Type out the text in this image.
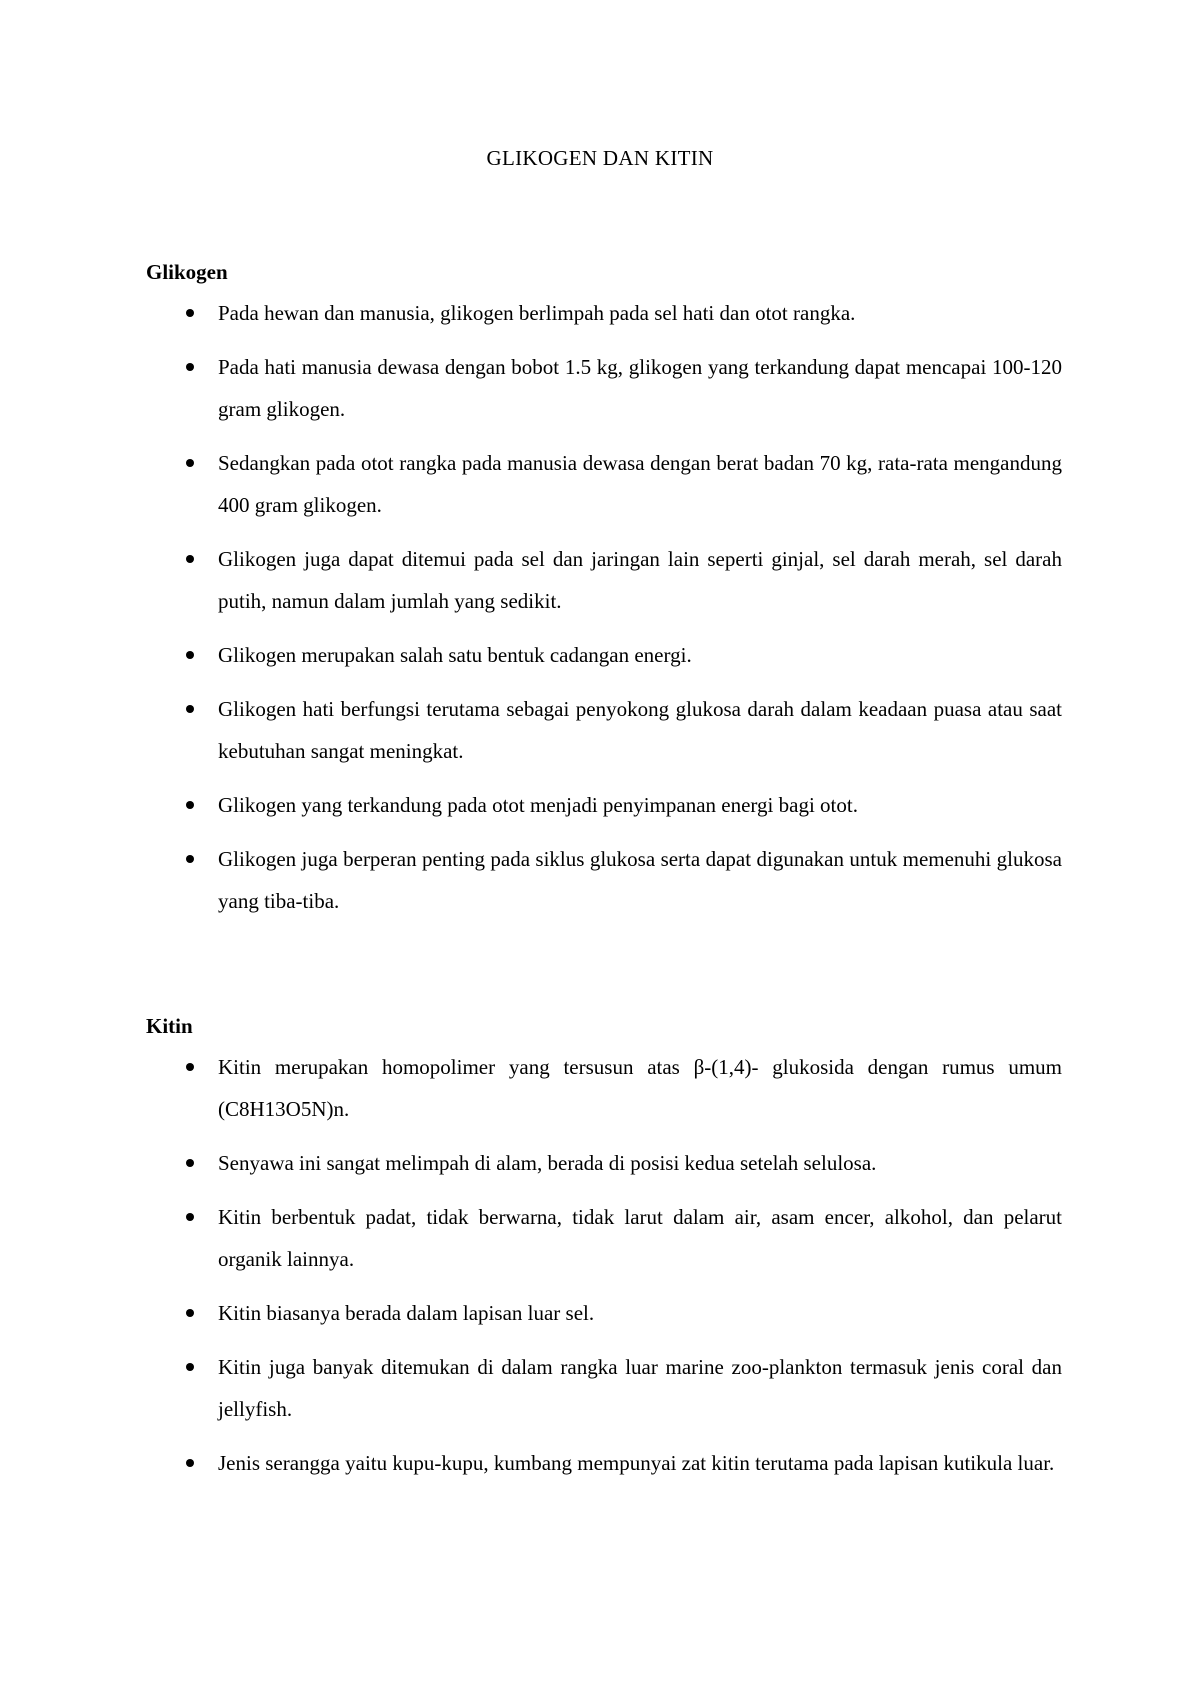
GLIKOGEN DAN KITIN
Glikogen
Pada hewan dan manusia, glikogen berlimpah pada sel hati dan otot rangka.
Pada hati manusia dewasa dengan bobot 1.5 kg, glikogen yang terkandung dapat mencapai 100-120 gram glikogen.
Sedangkan pada otot rangka pada manusia dewasa dengan berat badan 70 kg, rata-rata mengandung 400 gram glikogen.
Glikogen juga dapat ditemui pada sel dan jaringan lain seperti ginjal, sel darah merah, sel darah putih, namun dalam jumlah yang sedikit.
Glikogen merupakan salah satu bentuk cadangan energi.
Glikogen hati berfungsi terutama sebagai penyokong glukosa darah dalam keadaan puasa atau saat kebutuhan sangat meningkat.
Glikogen yang terkandung pada otot menjadi penyimpanan energi bagi otot.
Glikogen juga berperan penting pada siklus glukosa serta dapat digunakan untuk memenuhi glukosa yang tiba-tiba.
Kitin
Kitin merupakan homopolimer yang tersusun atas β-(1,4)- glukosida dengan rumus umum (C8H13O5N)n.
Senyawa ini sangat melimpah di alam, berada di posisi kedua setelah selulosa.
Kitin berbentuk padat, tidak berwarna, tidak larut dalam air, asam encer, alkohol, dan pelarut organik lainnya.
Kitin biasanya berada dalam lapisan luar sel.
Kitin juga banyak ditemukan di dalam rangka luar marine zoo-plankton termasuk jenis coral dan jellyfish.
Jenis serangga yaitu kupu-kupu, kumbang mempunyai zat kitin terutama pada lapisan kutikula luar.
